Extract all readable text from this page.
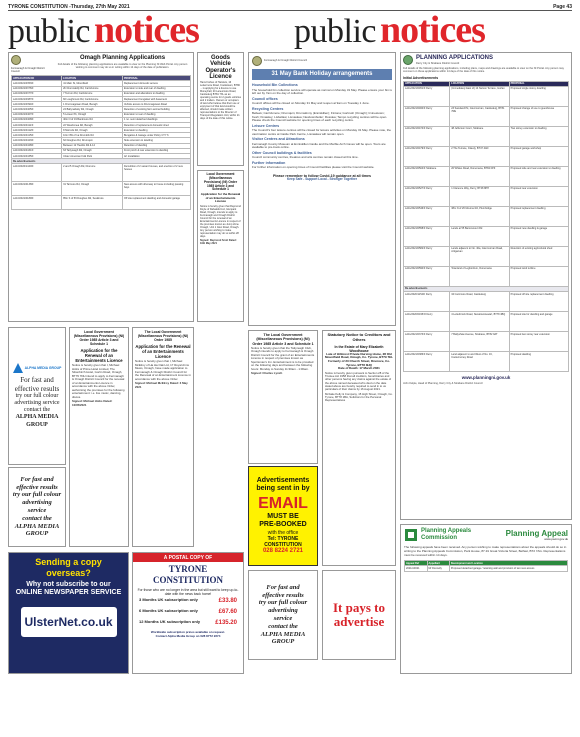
TYRONE CONSTITUTION -Thursday, 27th May 2021	Page 43
public notices	public notices
Fermanagh & Omagh District Council
Omagh Planning Applications
Full details of the following planning applications are available to view on the Planning NI Web Portal. Any person wishing to comment may do so in writing within 14 days of the date of publication.
APPLICATION NO	LOCATION	PROPOSAL
LA10/2021/0353/F	41 Main St, Mountfield	Replacement domestic access
LA10/2021/0376/F	2b Drumnakilly Rd, Carrickmore	Extension to side and rear of dwelling
LA10/2021/0377/F	7 Termon Rd, Carrickmore	Extension and alterations to dwelling
LA10/2021/0387/F	82 Loughmuck Rd, Carrickmore	Replacement bungalow with basement
LA10/2021/0394/F	1 Drumnagowan Road, Beragh	Vehicle access to Drumnagowan Road
LA10/2021/0405/F	24 Ballynahatty Rd, Omagh	Retention of existing farm animal building
LA10/2021/0407/F	5 Loreen Pk, Omagh	Extension to rear of dwelling
LA10/2021/0408/F	40m N of 19 Bankmore Rd	1 no. semi detached dwellings
LA10/2021/0411/F	22 Woodsmea Rd, Beragh	Retention of replacement domestic shed
LA10/2021/0412/F	8 Morrells Rd, Omagh	Extension to dwelling
LA10/2021/0415/F	10m NW of 1a Drumkirk Rd	Bungalow & Garage under Policy CTY 6
LA10/2021/0423/F	62 Doughes Rd, Drumquin	Side extension to dwelling
LA10/2021/0428/F	Between 12 Hewitts Rd & 14	Retention of dwelling
LA10/2021/0431/F	63 Tattyreagh Rd, Omagh	Front porch & rear extension to dwelling
LA10/2021/0435/F	Ulster American Folk Park	Art installation
Re-advertisements		
LA10/2020/1440/F	2 and 5 Omagh Rd, Drumore	Demolition of 2 vacant houses, and erection of 2 new houses
LA10/2021/0138/F	31 Tarmore Rd, Omagh	New access with driveway to house including passing bays
LA10/2021/0189/F	85m S of 59 Doughes Rd, Seskinore	Off site replacement dwelling and domestic garage
Goods Vehicle Operator's Licence
Hans Forbes of Hamlets, 16 Lettermore Road, Cookstown, BT80 ... is applying for a licence to use Moneyhall, 20 Lanesmore Road, Castlederg BT81 7XL as an operating centre for 2 goods vehicles and 2 trailers. Owners or occupiers of land who believe that their use or enjoyment of that land would be affected, should make written representations to the Director of Transport Regulation Unit, within 21 days of the date of this notice.
Local Government (Miscellaneous Provisions) (NI) Order 1985 Article 3 and Schedule 1
Application for the Renewal of an Entertainments Licence
Notice is hereby given that Raymond Doyle of Dabalodd Ltd, Glenpark Road, Omagh, intends to apply to Fermanagh and Omagh District Council for the renewal of an Entertainments Licence in respect of the premises known as Jump Zone Omagh, Unit 1 Glen Road, Omagh. Any person wishing to make representation may do so within 28 days.
Signed: Raymond Scott Dated: 19th May 2021
ALPHA MEDIA GROUP
For fast and
effective results
try our full colour
advertising service
contact the
ALPHA MEDIA GROUP
For fast and
effective results
try our full colour
advertising
service
contact the
ALPHA MEDIA GROUP
Local Government (Miscellaneous Provisions) (NI) Order 1985 Article 3 and Schedule 1
Application for the Renewal of an Entertainments Licence
Notice is hereby given that I, Michael Hicks of Prime Hotel Limited, The Silverbirch Hotel, Gortin Road, Omagh, BT79 7DH intend to apply to Fermanagh & Omagh District Council for the renewal of an Entertainments Licence in accordance with the above Order, authorising the premises for the following entertainment: i.e. live music, dancing, discos.
Signed: Michael Hicks Dated: 10/05/2021
The Local Government (Miscellaneous Provisions) (NI) Order 1985
Application for the Renewal of an Entertainments Licence
Notice is hereby given that I, Michael McElroy of Ha Ha Oak Ltd, 17 Royal Arms Mews, Omagh, have made application to Fermanagh & Omagh District Council for the Renewal of an Entertainment Licence in accordance with the above Order.
Signed: Michael McElroy Dated: 3 May 2021
Fermanagh & Omagh District Council
31 May Bank Holiday arrangements
Household Bin Collections
The household bin collection service will operate as normal on Monday 31 May. Please ensure your bin is left out by 7am on the day of collection.
Council offices
Council offices will be closed on Monday 31 May and reopen at 9am on Tuesday 1 June.
Recycling Centres
Belleek; Carrickmore; Drumquin; Drumskinny (Enniskillen); Fintona; Gortrush (Omagh); Irvinestown; Kesh; Kinawley; Lisbellaw; Lisnaskea; Newtownbutler; Rosslea; Tempo recycling centres will be open. Please check the Council website for opening times of each recycling centre.
Leisure Centres
The Council's four leisure centres will be closed for leisure activities on Monday 31 May. Please note, the vaccination centre at Castle Park Centre, Lisnaskea will remain open.
Visitor Centres and Attractions
Fermanagh County Museum at Enniskillen Castle and the Marble Arch Caves will be open. Tours are available to pre-book online.
Other Council buildings & facilities
Council community centres, theatres and arts centres remain closed at this time.
Further information
For further information on opening times of Council facilities please visit the Council website.
Please remember to follow Covid-19 guidance at all times
Keep Safe - Support Local - Stronger Together
The Local Government (Miscellaneous Provisions) (NI) Order 1985 Article 3 and Schedule 1
Notice is hereby given that the Tattyreagh Club, Omagh intends to apply to Fermanagh & Omagh District Council for the grant of an Entertainments Licence in respect of premises known as Sportsman's Inn. Entertainment is to be provided on the following days and between the following hours: Monday to Sunday 11:30am - 1:00am.
Signed: Charles Lynch
Advertisements
being sent in by
EMAIL
MUST BE
PRE-BOOKED
with the office
Tel: TYRONE
CONSTITUTION
028 8224 2721
Statutory Notice to Creditors and Others
In the Estate of Mary Elizabeth Woodhouse
Late of Hillcrest Private Nursing Home, 28 Old Mountfield Road, Omagh, Co. Tyrone, BT79 7EL
Formerly of 23 Church Street, Drumore, Co. Tyrone, BT78 3HQ
Date of Death: 17 March 2021
Notice is hereby given pursuant to Section 28 of the Trustee Act 1958 that all creditors, beneficiaries and other persons having any claims against the estate of the above named deceased who died on the date stated above are hereby required to send in to us particulars of their claims by 16 August 2021.
McGale Kelly & Company, 15 High Street, Omagh, Co. Tyrone, BT78 1BA, Solicitors for the Personal Representatives
For fast and
effective results
try our full colour
advertising
service
contact the
ALPHA MEDIA GROUP
It pays to advertise
A POSTAL COPY OF
TYRONE CONSTITUTION
For those who are no longer in the area but still want to keep up-to-date with the news back home!
3 Months UK subscription only	£33.80
6 Months UK subscription only	£67.60
12 Months UK subscription only	£135.20
Worldwide subscription prices available on request.
Contact Alpha Media Group on 028 8772 2274
Sending a copy overseas?
Why not subscribe to our
ONLINE NEWSPAPER SERVICE
UlsterNet.co.uk
PLANNING APPLICATIONS
Derry City & Strabane District Council
Full details of the following planning applications, including plans, maps and drawings are available to view on the NI Portal. Any person may comment on these applications within 14 days of the date of this notice.
Initial Advertisements
APPLICATION	LOCATION	PROPOSAL
LA11/2021/0451/F Derry	(Immediately East of) 14 Nelson Terrace, Gorlan	Proposed single storey dwelling
LA11/2021/0460/F Derry	23 Sandwell Pk, Glenmornan, Castlederg, BT81 7RE	Proposed change of use to guesthouse
LA11/2021/0474/F Derry	48 Jefferson Court, Strabane	Two storey extension to dwelling
LA11/2021/0479/F Derry	2 The Terrace, Claudy, BT47 4AD	Proposed garage workshop
LA11/2021/0504/F Strabane	20 Whites Road, Donemana, BT82 0PZ	Proposed side and rear extension to dwelling
LA11/2021/0527/F Derry	1 Clarence Way, Derry, BT48 8PH	Proposed rear extension
LA11/2021/0546/F Derry	38m N of 26 Mourne Rd, Plumbridge	Proposed replacement dwelling
LA11/2021/0558/F Derry	Lands at 55 Baronscourt Rd	Proposed new dwelling & garage
LA11/2021/0582/F Derry	Lands adjacent to No. 40a, Glenmornan Road, Artigarvan	Retention of existing agricultural shed
LA11/2021/0590/F Derry	Townland of Legfordrum, Donemana	Proposed wind turbine
Re-advertisements		
LA11/2020/1154/F Derry	34 Carnmore Road, Castlederg	Proposed off site replacement dwelling
LA11/2020/0195/O Derry	4 Letterbrock Road, Newtownstewart, BT78 4BQ	Proposed site for dwelling and garage
LA11/2021/0373/F Derry	7 Ballyshaw Avenue, Strabane, BT82 9AT	Proposed two storey rear extension
LA11/2021/0386/F Derry	Land adjacent to and West of No. 16, Coolermoney Road	Proposed dwelling
www.planningni.gov.uk
John Kelpie, Head of Planning, Derry City & Strabane District Council
Planning Appeals Commission
Planning Appeal
www.pacni.gov.uk
The following appeals have been received. Any person wishing to make representations about the appeals should do so in writing to the Planning Appeals Commission, Park House, 87-91 Great Victoria Street, Belfast, BT2 7AG. Representations must be received within 14 days.
Appeal Ref	Appellant	Development and Location
2021/A0021	Mr Donnelly	Proposed detached garage / retaining wall and provision of two new access
